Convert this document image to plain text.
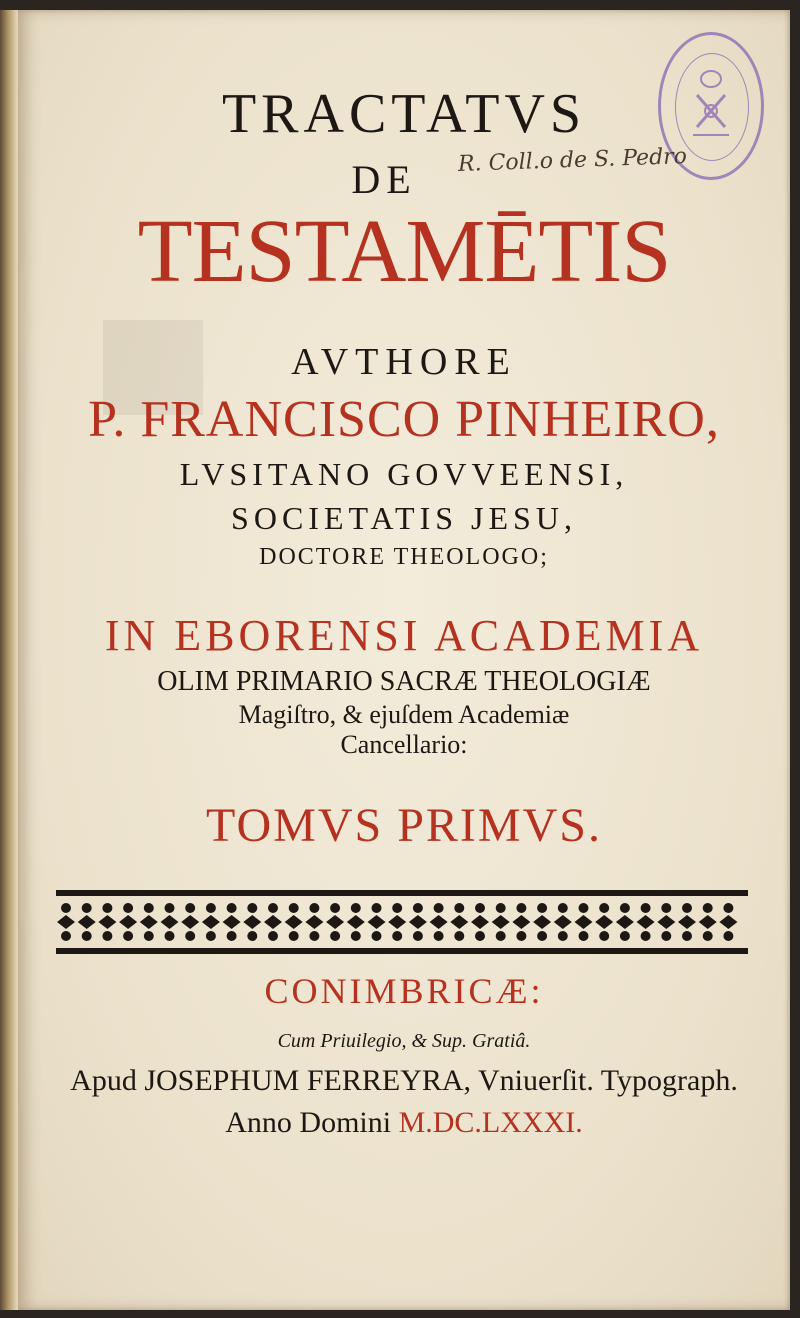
R. Coll.o de S. Pedro
TRACTATVS
DE
TESTAMĒTIS
AVTHORE
P. FRANCISCO PINHEIRO,
LVSITANO GOVVEENSI,
SOCIETATIS JESU,
DOCTORE THEOLOGO;
IN EBORENSI ACADEMIA
OLIM PRIMARIO SACRÆ THEOLOGIÆ
Magiſtro, & ejuſdem Academiæ
Cancellario:
TOMVS PRIMVS.
CONIMBRICÆ:
Cum Priuilegio, & Sup. Gratiâ.
Apud JOSEPHUM FERREYRA, Vniuerſit. Typograph.
Anno Domini M.DC.LXXXI.
